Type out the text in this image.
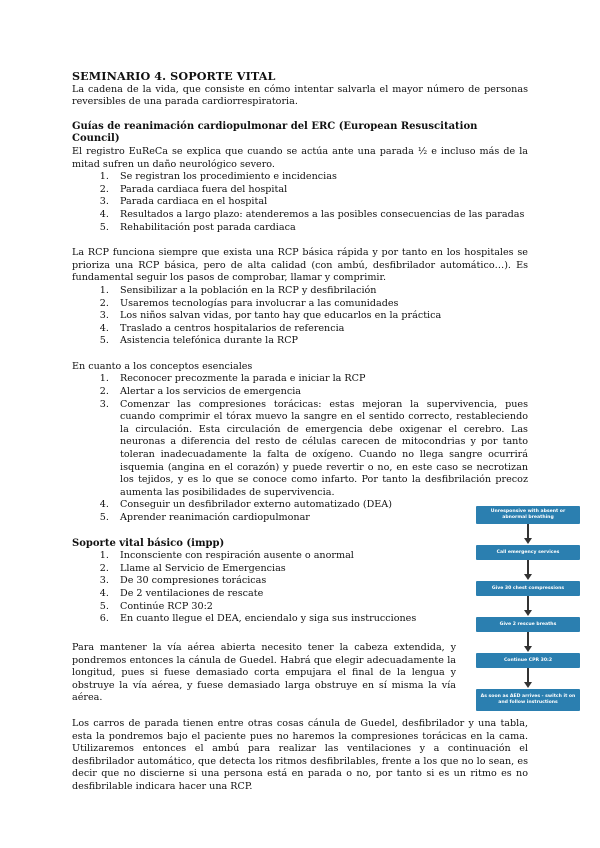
SEMINARIO 4. SOPORTE VITAL

La cadena de la vida, que consiste en cómo intentar salvarla el mayor número de personas reversibles de una parada cardiorrespiratoria.

Guías de reanimación cardiopulmonar del ERC (European Resuscitation Council)

El registro EuReCa se explica que cuando se actúa ante una parada ½ e incluso más de la mitad sufren un daño neurológico severo.

1. Se registran los procedimiento e incidencias
2. Parada cardiaca fuera del hospital
3. Parada cardiaca en el hospital
4. Resultados a largo plazo: atenderemos a las posibles consecuencias de las paradas
5. Rehabilitación post parada cardiaca

La RCP funciona siempre que exista una RCP básica rápida y por tanto en los hospitales se prioriza una RCP básica, pero de alta calidad (con ambú, desfibrilador automático…). Es fundamental seguir los pasos de comprobar, llamar y comprimir.

1. Sensibilizar a la población en la RCP y desfibrilación
2. Usaremos tecnologías para involucrar a las comunidades
3. Los niños salvan vidas, por tanto hay que educarlos en la práctica
4. Traslado a centros hospitalarios de referencia
5. Asistencia telefónica durante la RCP

En cuanto a los conceptos esenciales

1. Reconocer precozmente la parada e iniciar la RCP
2. Alertar a los servicios de emergencia
3. Comenzar las compresiones torácicas: estas mejoran la supervivencia, pues cuando comprimir el tórax muevo la sangre en el sentido correcto, restableciendo la circulación. Esta circulación de emergencia debe oxigenar el cerebro. Las neuronas a diferencia del resto de células carecen de mitocondrias y por tanto toleran inadecuadamente la falta de oxígeno. Cuando no llega sangre ocurrirá isquemia (angina en el corazón) y puede revertir o no, en este caso se necrotizan los tejidos, y es lo que se conoce como infarto. Por tanto la desfibrilación precoz aumenta las posibilidades de supervivencia.
4. Conseguir un desfibrilador externo automatizado (DEA)
5. Aprender reanimación cardiopulmonar
Soporte vital básico (impp)
1. Inconsciente con respiración ausente o anormal
2. Llame al Servicio de Emergencias
3. De 30 compresiones torácicas
4. De 2 ventilaciones de rescate
5. Continúe RCP 30:2
6. En cuanto llegue el DEA, enciendalo y siga sus instrucciones

Para mantener la vía aérea abierta necesito tener la cabeza extendida, y pondremos entonces la cánula de Guedel. Habrá que elegir adecuadamente la longitud, pues si fuese demasiado corta empujara el final de la lengua y obstruye la vía aérea, y fuese demasiado larga obstruye en sí misma la vía aérea.

Los carros de parada tienen entre otras cosas cánula de Guedel, desfibrilador y una tabla, esta la pondremos bajo el paciente pues no haremos la compresiones torácicas en la cama. Utilizaremos entonces el ambú para realizar las ventilaciones y a continuación el desfibrilador automático, que detecta los ritmos desfibrilables, frente a los que no lo sean, es decir que no discierne si una persona está en parada o no, por tanto si es un ritmo es no desfibrilable indicara hacer una RCP.

Unresponsive with absent or abnormal breathing
Call emergency services
Give 30 chest compressions
Give 2 rescue breaths
Continue CPR 30:2
As soon as AED arrives - switch it on and follow instructions
